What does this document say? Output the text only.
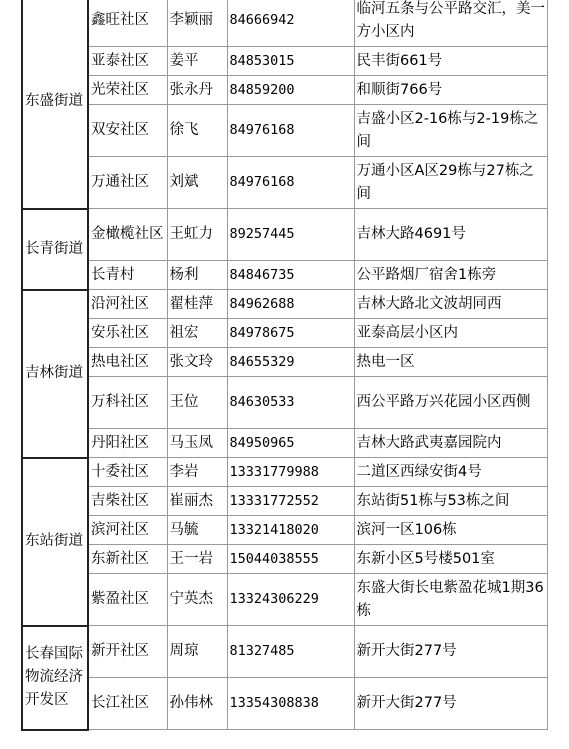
东盛街道	鑫旺社区	李颖丽	84666942	临河五条与公平路交汇，美一方小区内
	亚泰社区	姜平	84853015	民丰街661号
	光荣社区	张永丹	84859200	和顺街766号
	双安社区	徐飞	84976168	吉盛小区2-16栋与2-19栋之间
	万通社区	刘斌	84976168	万通小区A区29栋与27栋之间
长青街道	金橄榄社区	王虹力	89257445	吉林大路4691号
	长青村	杨利	84846735	公平路烟厂宿舍1栋旁
吉林街道	沿河社区	翟桂萍	84962688	吉林大路北文波胡同西
	安乐社区	祖宏	84978675	亚泰高层小区内
	热电社区	张文玲	84655329	热电一区
	万科社区	王位	84630533	西公平路万兴花园小区西侧
	丹阳社区	马玉凤	84950965	吉林大路武夷嘉园院内
东站街道	十委社区	李岩	13331779988	二道区西绿安街4号
	吉柴社区	崔丽杰	13331772552	东站街51栋与53栋之间
	滨河社区	马毓	13321418020	滨河一区106栋
	东新社区	王一岩	15044038555	东新小区5号楼501室
	紫盈社区	宁英杰	13324306229	东盛大街长电紫盈花城1期36栋
长春国际物流经济开发区	新开社区	周琼	81327485	新开大街277号
	长江社区	孙伟林	13354308838	新开大街277号
